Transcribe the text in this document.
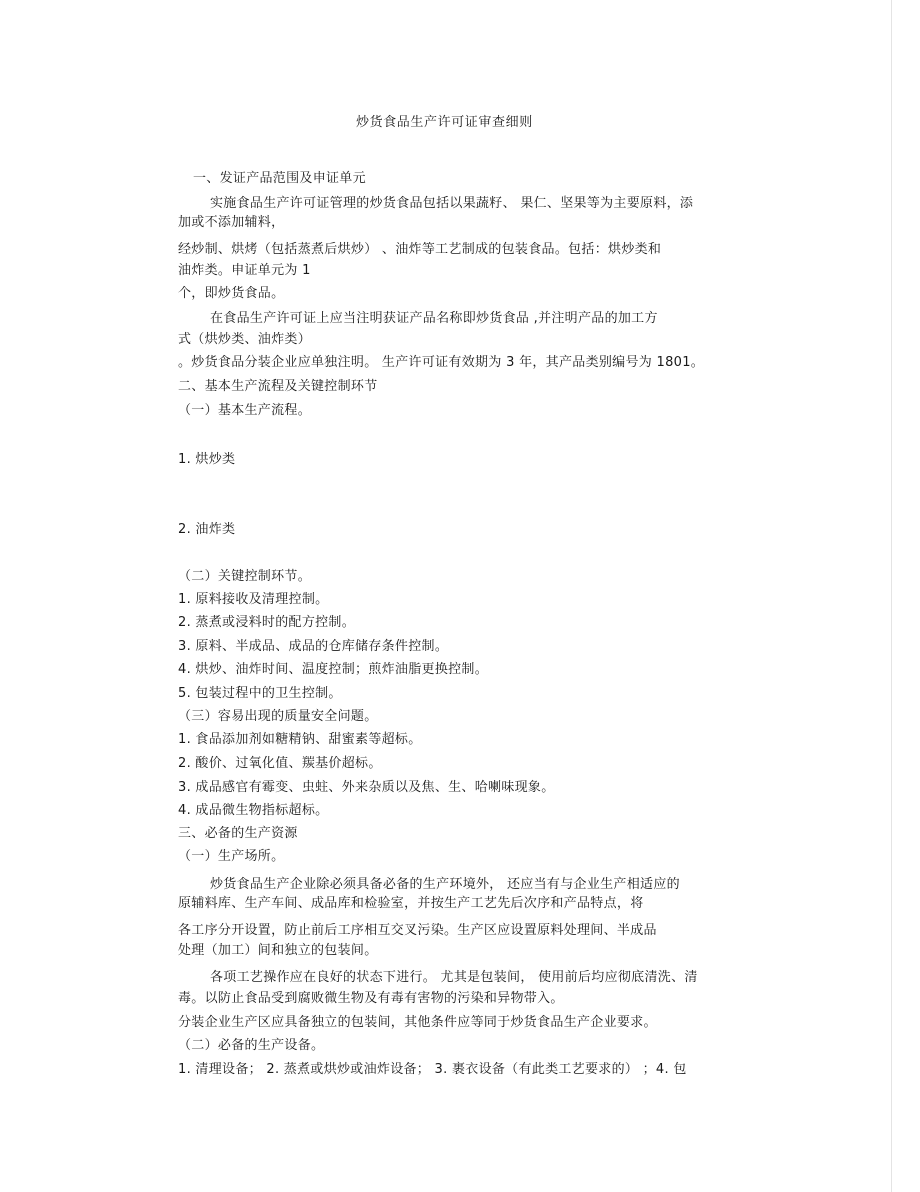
炒货食品生产许可证审查细则
一、发证产品范围及申证单元
实施食品生产许可证管理的炒货食品包括以果蔬籽、 果仁、坚果等为主要原料，添
加或不添加辅料，
经炒制、烘烤（包括蒸煮后烘炒） 、油炸等工艺制成的包装食品。包括：烘炒类和
油炸类。申证单元为 1
个，即炒货食品。
在食品生产许可证上应当注明获证产品名称即炒货食品 ,并注明产品的加工方
式（烘炒类、油炸类）
。炒货食品分装企业应单独注明。 生产许可证有效期为 3 年，其产品类别编号为 1801。
二、基本生产流程及关键控制环节
（一）基本生产流程。
1. 烘炒类
2. 油炸类
（二）关键控制环节。
1. 原料接收及清理控制。
2. 蒸煮或浸料时的配方控制。
3. 原料、半成品、成品的仓库储存条件控制。
4. 烘炒、油炸时间、温度控制；煎炸油脂更换控制。
5. 包装过程中的卫生控制。
（三）容易出现的质量安全问题。
1. 食品添加剂如糖精钠、甜蜜素等超标。
2. 酸价、过氧化值、羰基价超标。
3. 成品感官有霉变、虫蛀、外来杂质以及焦、生、哈喇味现象。
4. 成品微生物指标超标。
三、必备的生产资源
（一）生产场所。
炒货食品生产企业除必须具备必备的生产环境外， 还应当有与企业生产相适应的
原辅料库、生产车间、成品库和检验室，并按生产工艺先后次序和产品特点，将
各工序分开设置，防止前后工序相互交叉污染。生产区应设置原料处理间、半成品
处理（加工）间和独立的包装间。
各项工艺操作应在良好的状态下进行。 尤其是包装间， 使用前后均应彻底清洗、清
毒。以防止食品受到腐败微生物及有毒有害物的污染和异物带入。
分装企业生产区应具备独立的包装间，其他条件应等同于炒货食品生产企业要求。
（二）必备的生产设备。
1. 清理设备； 2. 蒸煮或烘炒或油炸设备； 3. 裹衣设备（有此类工艺要求的） ；4. 包
